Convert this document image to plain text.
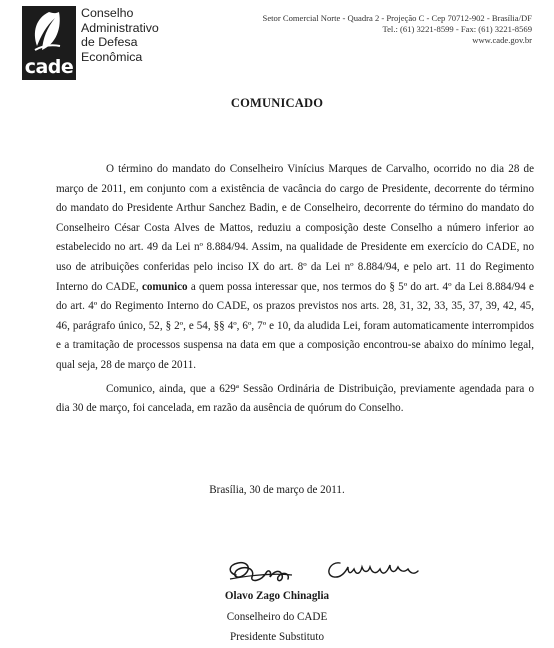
cade
Conselho
Administrativo
de Defesa
Econômica
Setor Comercial Norte - Quadra 2 - Projeção C - Cep 70712-902 - Brasília/DF
Tel.: (61) 3221-8599 - Fax: (61) 3221-8569
www.cade.gov.br
COMUNICADO

O término do mandato do Conselheiro Vinícius Marques de Carvalho, ocorrido no dia 28 de março de 2011, em conjunto com a existência de vacância do cargo de Presidente, decorrente do término do mandato do Presidente Arthur Sanchez Badin, e de Conselheiro, decorrente do término do mandato do Conselheiro César Costa Alves de Mattos, reduziu a composição deste Conselho a número inferior ao estabelecido no art. 49 da Lei nº 8.884/94. Assim, na qualidade de Presidente em exercício do CADE, no uso de atribuições conferidas pelo inciso IX do art. 8º da Lei nº 8.884/94, e pelo art. 11 do Regimento Interno do CADE, comunico a quem possa interessar que, nos termos do § 5º do art. 4º da Lei 8.884/94 e do art. 4º do Regimento Interno do CADE, os prazos previstos nos arts. 28, 31, 32, 33, 35, 37, 39, 42, 45, 46, parágrafo único, 52, § 2º, e 54, §§ 4º, 6º, 7º e 10, da aludida Lei, foram automaticamente interrompidos e a tramitação de processos suspensa na data em que a composição encontrou-se abaixo do mínimo legal, qual seja, 28 de março de 2011.

Comunico, ainda, que a 629ª Sessão Ordinária de Distribuição, previamente agendada para o dia 30 de março, foi cancelada, em razão da ausência de quórum do Conselho.

Brasília, 30 de março de 2011.
Olavo Zago Chinaglia
Conselheiro do CADE
Presidente Substituto
